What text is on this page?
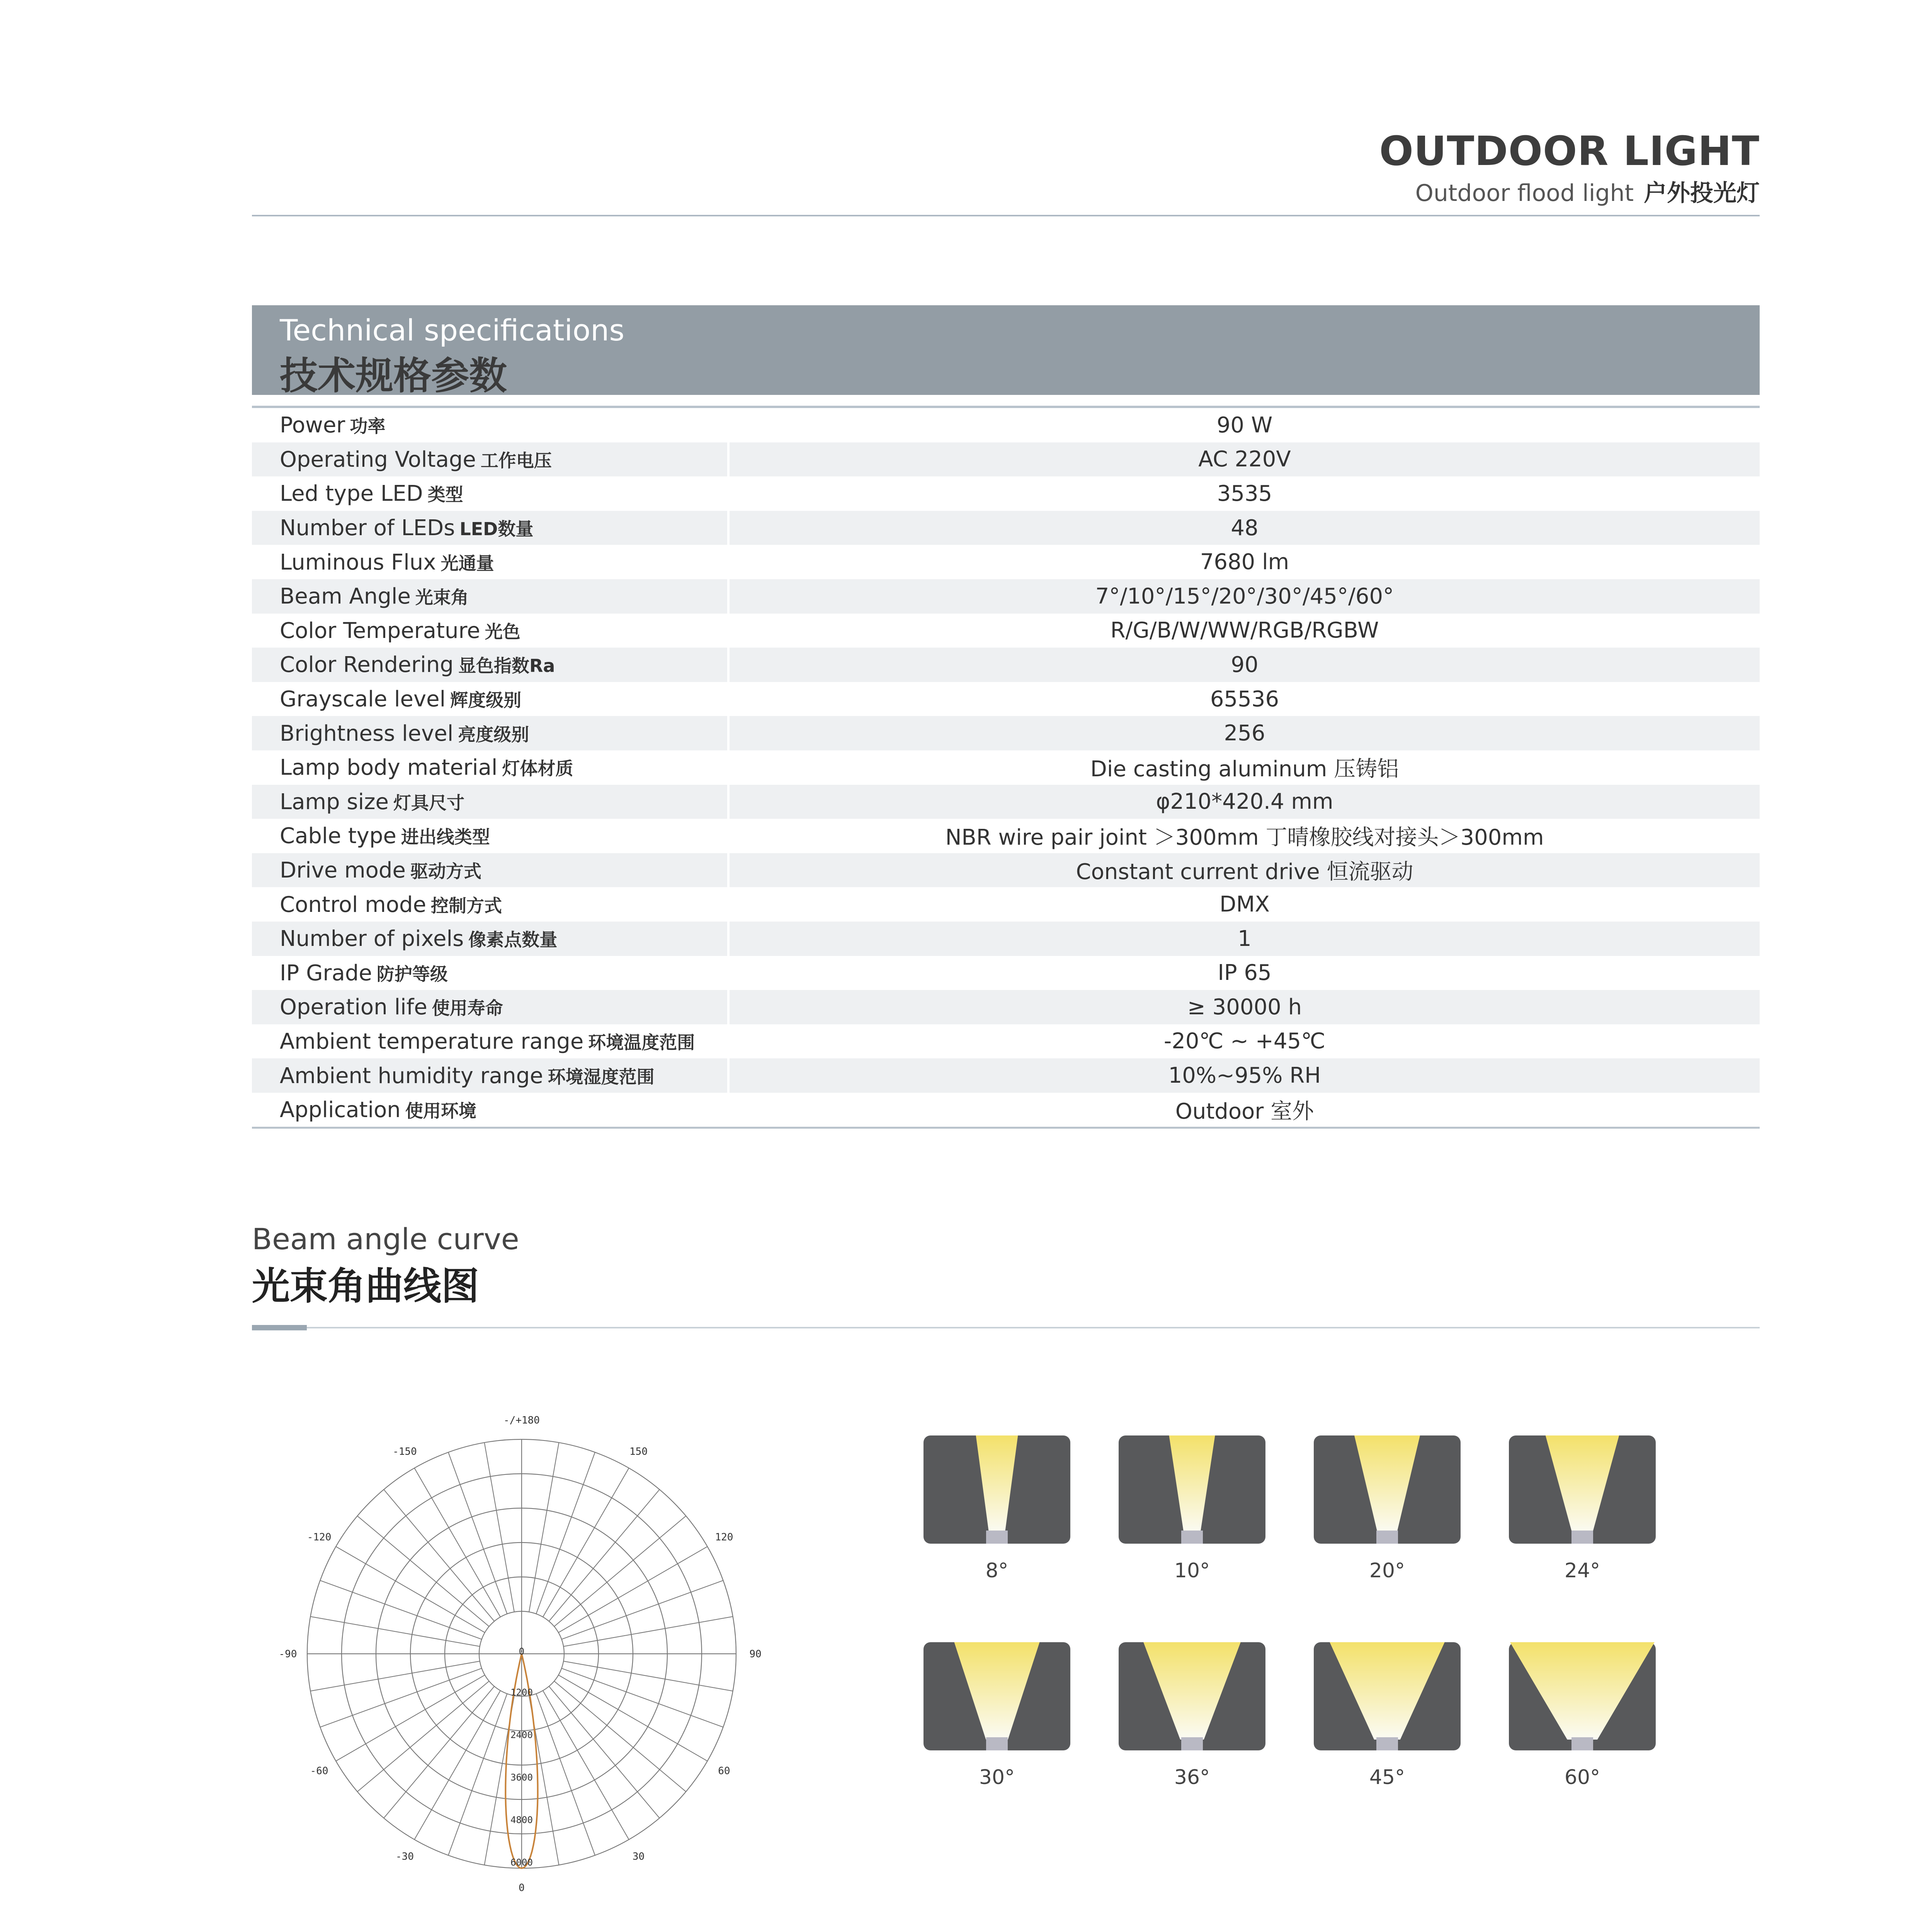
OUTDOOR LIGHT
Outdoor flood light 户外投光灯
Technical specifications
技术规格参数
Power 功率	90 W
Operating Voltage 工作电压	AC 220V
Led type LED 类型	3535
Number of LEDs LED数量	48
Luminous Flux 光通量	7680 lm
Beam Angle 光束角	7°/10°/15°/20°/30°/45°/60°
Color Temperature 光色	R/G/B/W/WW/RGB/RGBW
Color Rendering 显色指数Ra	90
Grayscale level 辉度级别	65536
Brightness level 亮度级别	256
Lamp body material 灯体材质	Die casting aluminum 压铸铝
Lamp size 灯具尺寸	φ210*420.4 mm
Cable type 进出线类型	NBR wire pair joint ＞300mm 丁晴橡胶线对接头＞300mm
Drive mode 驱动方式	Constant current drive 恒流驱动
Control mode 控制方式	DMX
Number of pixels 像素点数量	1
IP Grade 防护等级	IP 65
Operation life 使用寿命	≥ 30000 h
Ambient temperature range 环境温度范围	-20℃ ~ +45℃
Ambient humidity range 环境湿度范围	10%~95% RH
Application 使用环境	Outdoor 室外
Beam angle curve
光束角曲线图
-/+180
150
120
90
60
30
0
-30
-60
-90
-120
-150
0
1200
2400
3600
4800
6000
8°	10°	20°	24°
30°	36°	45°	60°
